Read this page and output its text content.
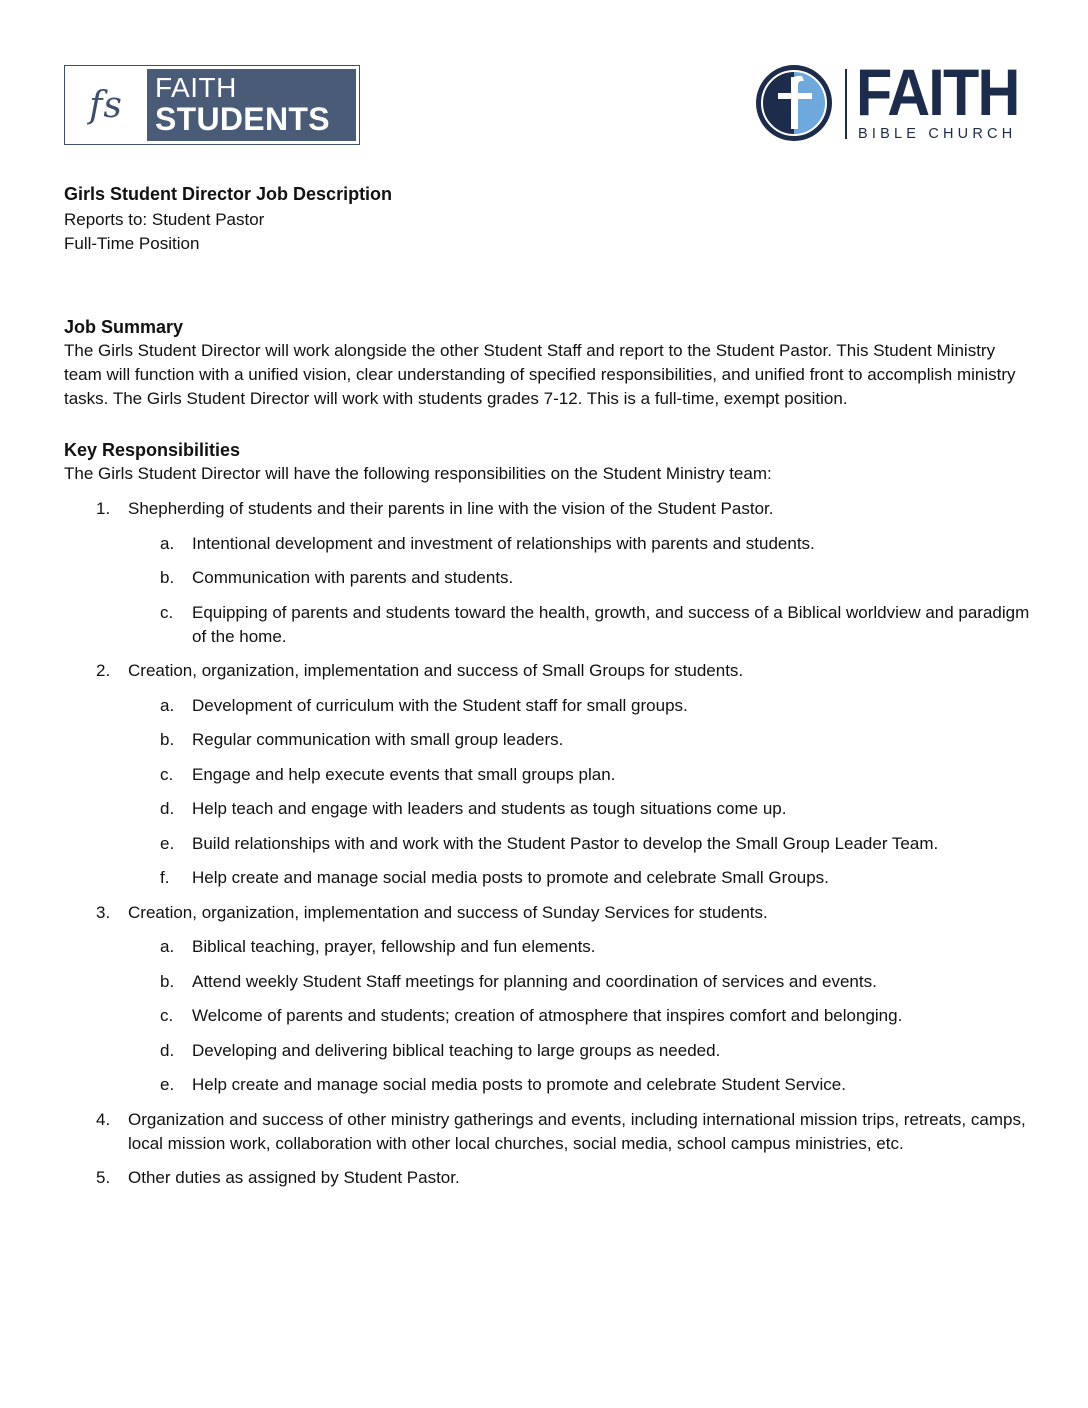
fs	FAITH
STUDENTS	FAITH
BIBLE CHURCH
Girls Student Director Job Description

Reports to: Student Pastor

Full-Time Position

Job Summary

The Girls Student Director will work alongside the other Student Staff and report to the Student Pastor. This Student Ministry team will function with a unified vision, clear understanding of specified responsibilities, and unified front to accomplish ministry tasks. The Girls Student Director will work with students grades 7-12. This is a full-time, exempt position.

Key Responsibilities

The Girls Student Director will have the following responsibilities on the Student Ministry team:

1. Shepherding of students and their parents in line with the vision of the Student Pastor.
a. Intentional development and investment of relationships with parents and students.
b. Communication with parents and students.
c. Equipping of parents and students toward the health, growth, and success of a Biblical worldview and paradigm of the home.
2. Creation, organization, implementation and success of Small Groups for students.
a. Development of curriculum with the Student staff for small groups.
b. Regular communication with small group leaders.
c. Engage and help execute events that small groups plan.
d. Help teach and engage with leaders and students as tough situations come up.
e. Build relationships with and work with the Student Pastor to develop the Small Group Leader Team.
f. Help create and manage social media posts to promote and celebrate Small Groups.
3. Creation, organization, implementation and success of Sunday Services for students.
a. Biblical teaching, prayer, fellowship and fun elements.
b. Attend weekly Student Staff meetings for planning and coordination of services and events.
c. Welcome of parents and students; creation of atmosphere that inspires comfort and belonging.
d. Developing and delivering biblical teaching to large groups as needed.
e. Help create and manage social media posts to promote and celebrate Student Service.
4. Organization and success of other ministry gatherings and events, including international mission trips, retreats, camps, local mission work, collaboration with other local churches, social media, school campus ministries, etc.
5. Other duties as assigned by Student Pastor.
